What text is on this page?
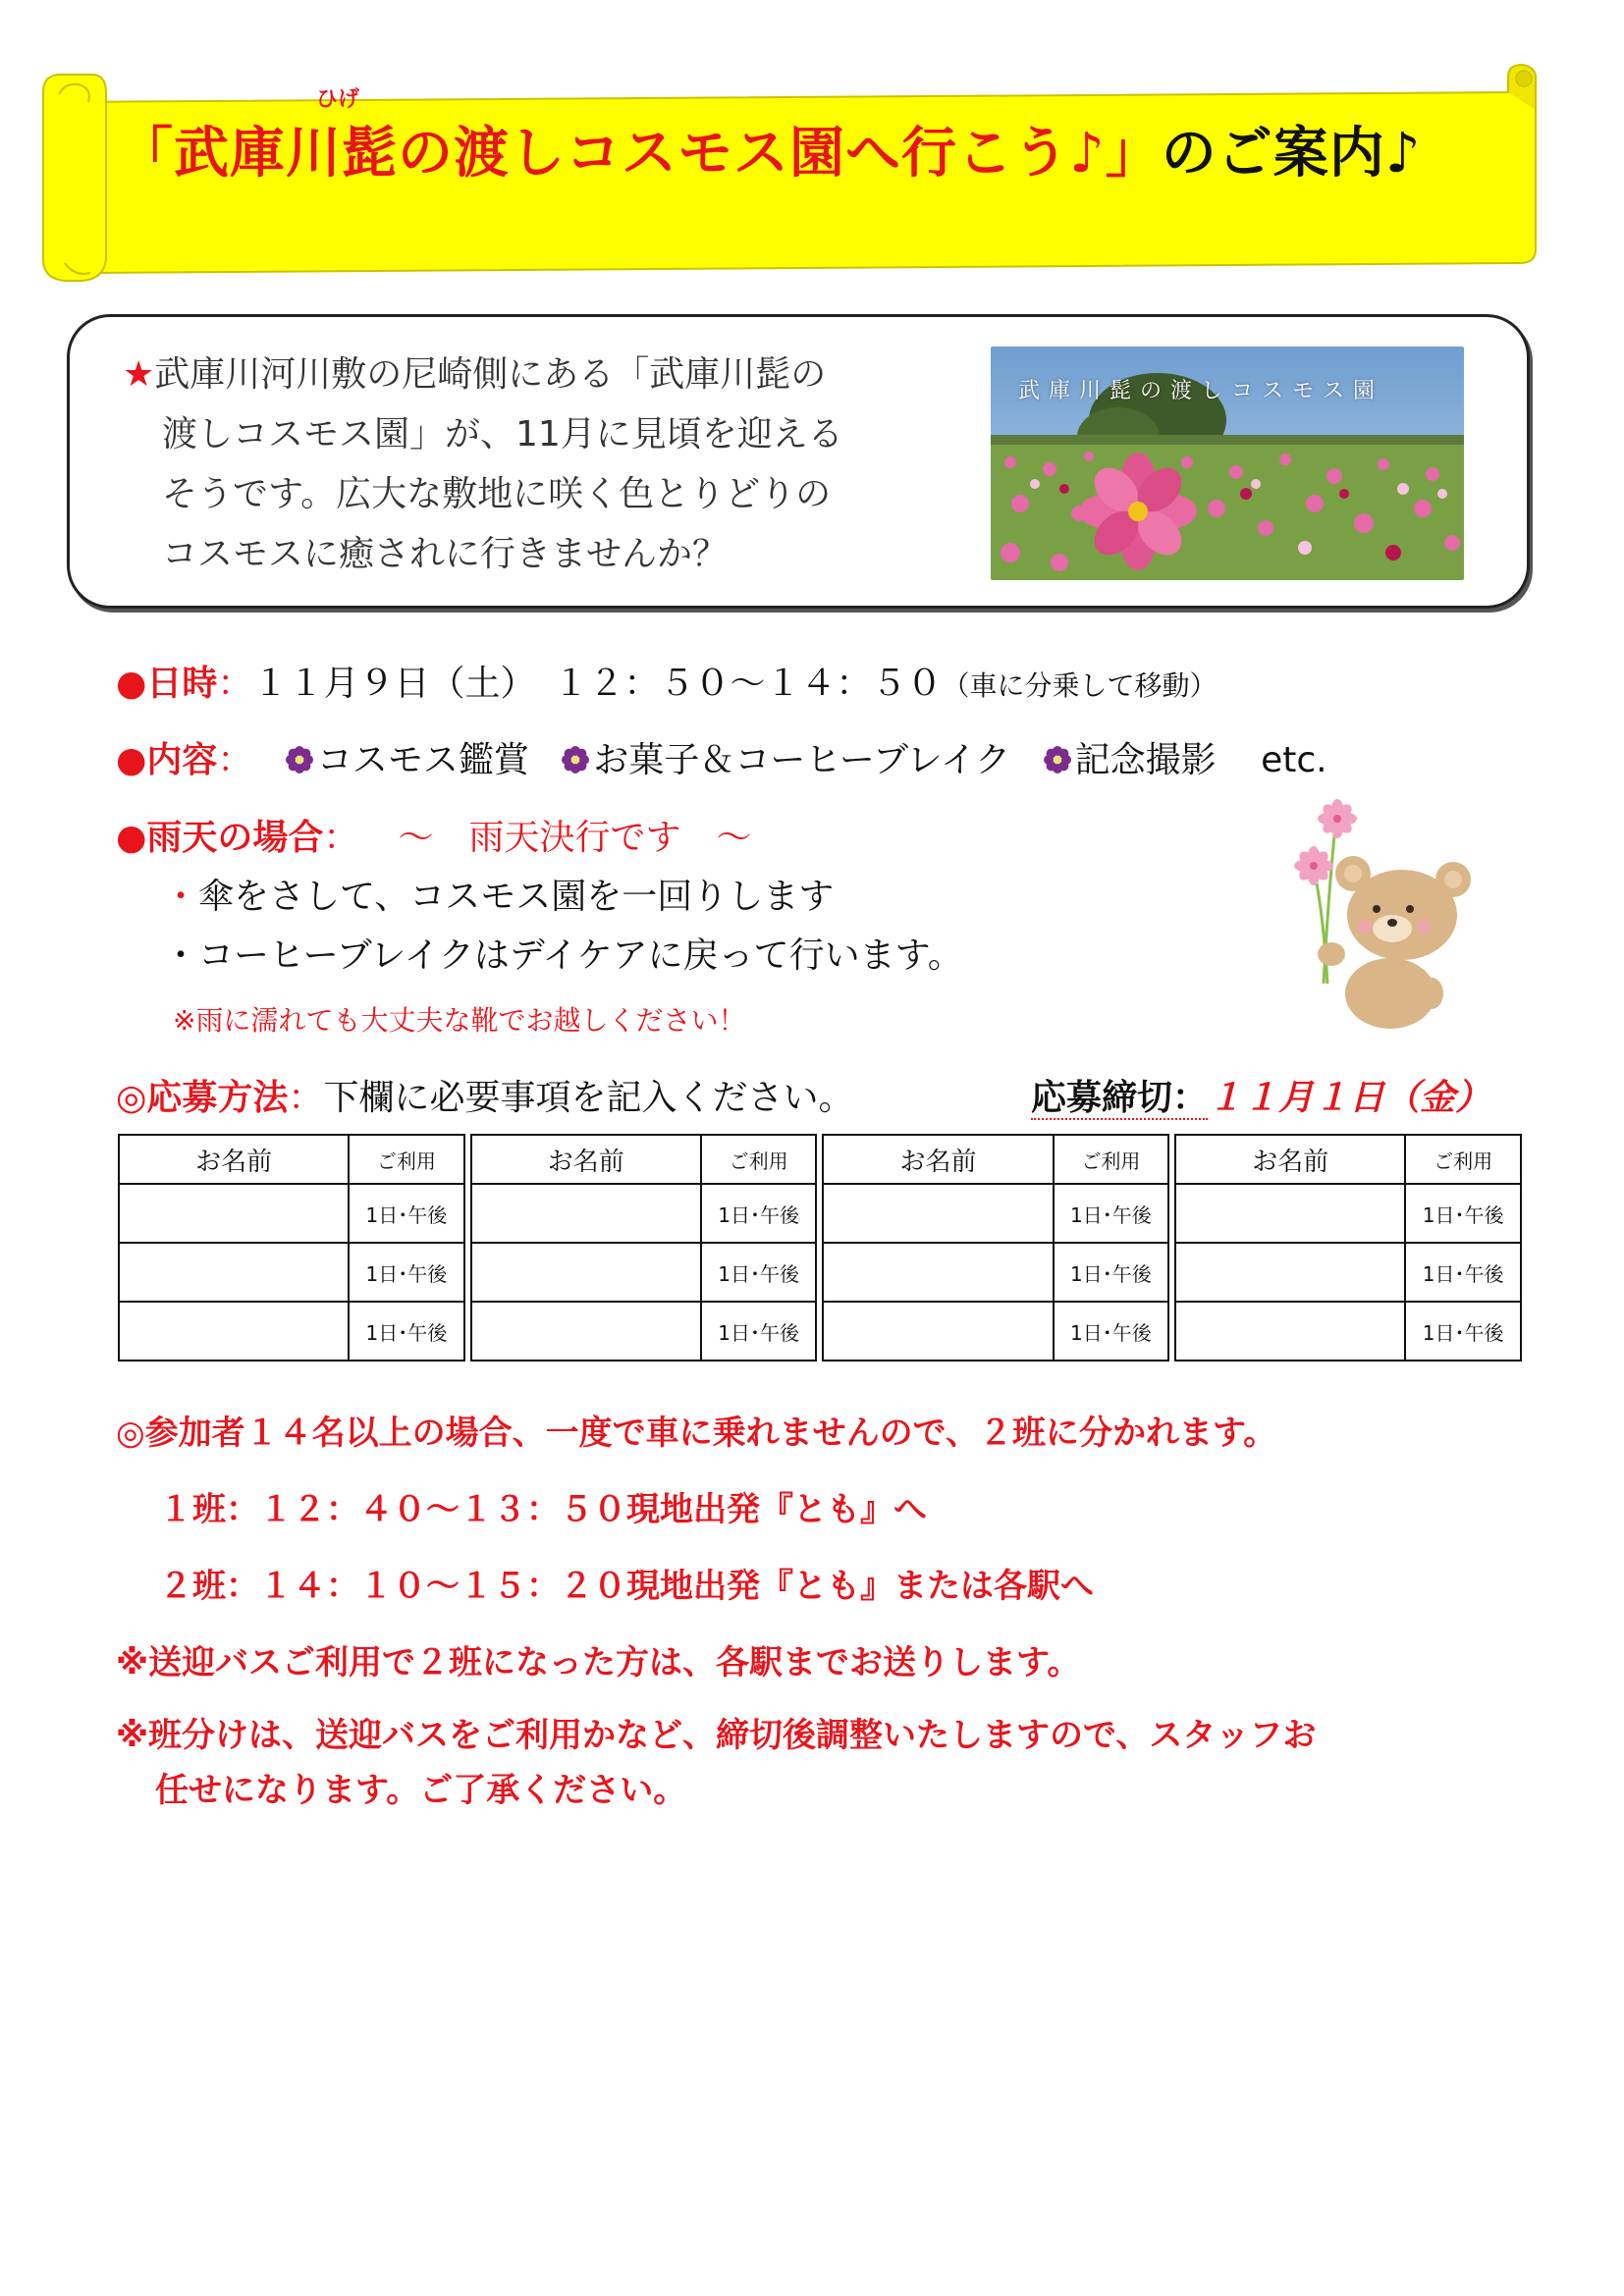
ひげ
「武庫川髭の渡しコスモス園へ行こう♪」のご案内♪
★武庫川河川敷の尼崎側にある「武庫川髭の
渡しコスモス園」が、11月に見頃を迎える
そうです。広大な敷地に咲く色とりどりの
コスモスに癒されに行きませんか？
武庫川髭の渡しコスモス園
●日時：１１月９日（土）　１２：５０～１４：５０（車に分乗して移動）
●内容： コスモス鑑賞 お菓子＆コーヒーブレイク 記念撮影 etc.
●雨天の場合： ～　雨天決行です　～
・傘をさして、コスモス園を一回りします
・コーヒーブレイクはデイケアに戻って行います。
※雨に濡れても大丈夫な靴でお越しください！
◎応募方法：下欄に必要事項を記入ください。	応募締切：１１月１日（金）
お名前	ご利用		お名前	ご利用		お名前	ご利用		お名前	ご利用
	1日･午後			1日･午後			1日･午後			1日･午後
	1日･午後			1日･午後			1日･午後			1日･午後
	1日･午後			1日･午後			1日･午後			1日･午後
◎参加者１４名以上の場合、一度で車に乗れませんので、２班に分かれます。
１班：１２：４０～１３：５０現地出発『とも』へ
２班：１４：１０～１５：２０現地出発『とも』または各駅へ
※送迎バスご利用で２班になった方は、各駅までお送りします。
※班分けは、送迎バスをご利用かなど、締切後調整いたしますので、スタッフお
任せになります。ご了承ください。
